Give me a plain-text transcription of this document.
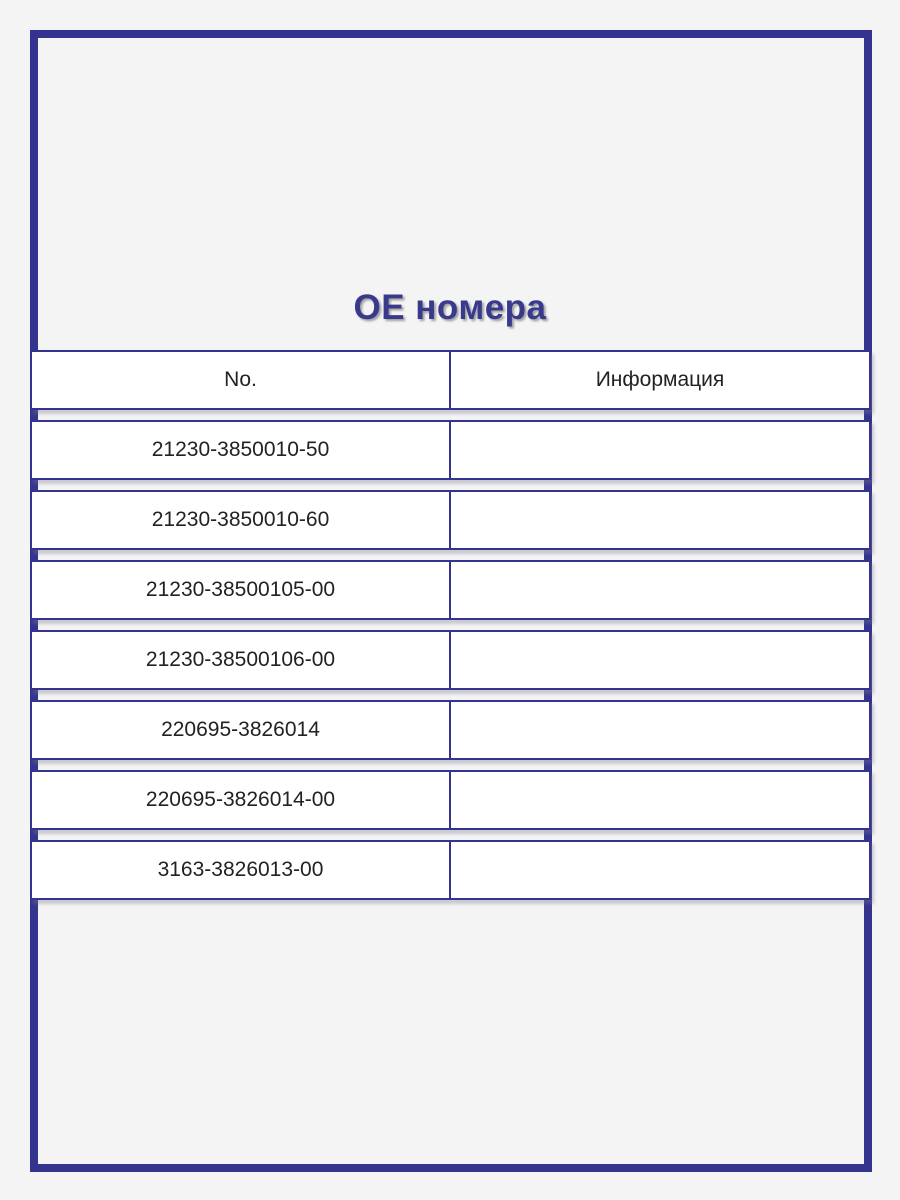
OE номера
No.	Информация
21230-3850010-50
21230-3850010-60
21230-38500105-00
21230-38500106-00
220695-3826014
220695-3826014-00
3163-3826013-00
